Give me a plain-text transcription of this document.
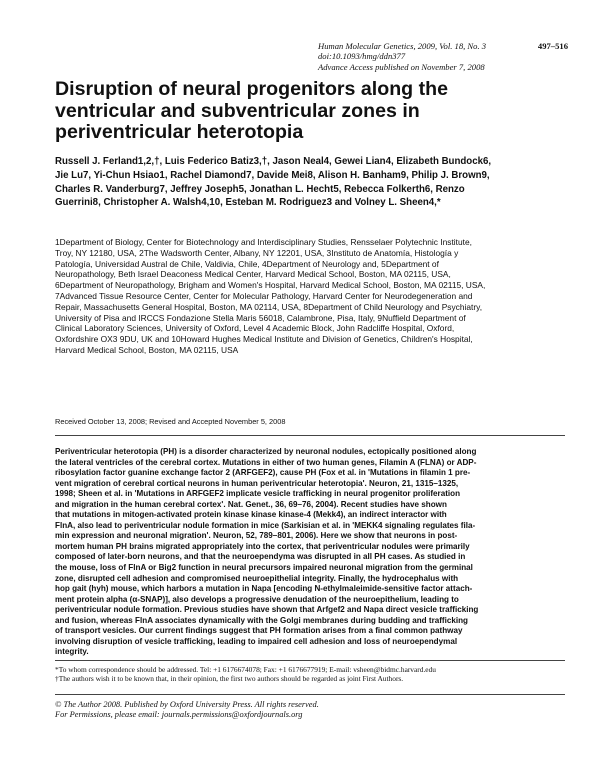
Human Molecular Genetics, 2009, Vol. 18, No. 3	497–516
doi:10.1093/hmg/ddn377
Advance Access published on November 7, 2008
Disruption of neural progenitors along the
ventricular and subventricular zones in
periventricular heterotopia
Russell J. Ferland1,2,†, Luis Federico Batiz3,†, Jason Neal4, Gewei Lian4, Elizabeth Bundock6,
Jie Lu7, Yi-Chun Hsiao1, Rachel Diamond7, Davide Mei8, Alison H. Banham9, Philip J. Brown9,
Charles R. Vanderburg7, Jeffrey Joseph5, Jonathan L. Hecht5, Rebecca Folkerth6, Renzo
Guerrini8, Christopher A. Walsh4,10, Esteban M. Rodriguez3 and Volney L. Sheen4,*
1Department of Biology, Center for Biotechnology and Interdisciplinary Studies, Rensselaer Polytechnic Institute,
Troy, NY 12180, USA, 2The Wadsworth Center, Albany, NY 12201, USA, 3Instituto de Anatomía, Histología y
Patología, Universidad Austral de Chile, Valdivia, Chile, 4Department of Neurology and, 5Department of
Neuropathology, Beth Israel Deaconess Medical Center, Harvard Medical School, Boston, MA 02115, USA,
6Department of Neuropathology, Brigham and Women's Hospital, Harvard Medical School, Boston, MA 02115, USA,
7Advanced Tissue Resource Center, Center for Molecular Pathology, Harvard Center for Neurodegeneration and
Repair, Massachusetts General Hospital, Boston, MA 02114, USA, 8Department of Child Neurology and Psychiatry,
University of Pisa and IRCCS Fondazione Stella Maris 56018, Calambrone, Pisa, Italy, 9Nuffield Department of
Clinical Laboratory Sciences, University of Oxford, Level 4 Academic Block, John Radcliffe Hospital, Oxford,
Oxfordshire OX3 9DU, UK and 10Howard Hughes Medical Institute and Division of Genetics, Children's Hospital,
Harvard Medical School, Boston, MA 02115, USA
Received October 13, 2008; Revised and Accepted November 5, 2008
Periventricular heterotopia (PH) is a disorder characterized by neuronal nodules, ectopically positioned along
the lateral ventricles of the cerebral cortex. Mutations in either of two human genes, Filamin A (FLNA) or ADP-
ribosylation factor guanine exchange factor 2 (ARFGEF2), cause PH (Fox et al. in 'Mutations in filamin 1 pre-
vent migration of cerebral cortical neurons in human periventricular heterotopia'. Neuron, 21, 1315–1325,
1998; Sheen et al. in 'Mutations in ARFGEF2 implicate vesicle trafficking in neural progenitor proliferation
and migration in the human cerebral cortex'. Nat. Genet., 36, 69–76, 2004). Recent studies have shown
that mutations in mitogen-activated protein kinase kinase kinase-4 (Mekk4), an indirect interactor with
FlnA, also lead to periventricular nodule formation in mice (Sarkisian et al. in 'MEKK4 signaling regulates fila-
min expression and neuronal migration'. Neuron, 52, 789–801, 2006). Here we show that neurons in post-
mortem human PH brains migrated appropriately into the cortex, that periventricular nodules were primarily
composed of later-born neurons, and that the neuroependyma was disrupted in all PH cases. As studied in
the mouse, loss of FlnA or Big2 function in neural precursors impaired neuronal migration from the germinal
zone, disrupted cell adhesion and compromised neuroepithelial integrity. Finally, the hydrocephalus with
hop gait (hyh) mouse, which harbors a mutation in Napa [encoding N-ethylmaleimide-sensitive factor attach-
ment protein alpha (α-SNAP)], also develops a progressive denudation of the neuroepithelium, leading to
periventricular nodule formation. Previous studies have shown that Arfgef2 and Napa direct vesicle trafficking
and fusion, whereas FlnA associates dynamically with the Golgi membranes during budding and trafficking
of transport vesicles. Our current findings suggest that PH formation arises from a final common pathway
involving disruption of vesicle trafficking, leading to impaired cell adhesion and loss of neuroependymal
integrity.
*To whom correspondence should be addressed. Tel: +1 6176674078; Fax: +1 6176677919; E-mail: vsheen@bidmc.harvard.edu
†The authors wish it to be known that, in their opinion, the first two authors should be regarded as joint First Authors.
© The Author 2008. Published by Oxford University Press. All rights reserved.
For Permissions, please email: journals.permissions@oxfordjournals.org
